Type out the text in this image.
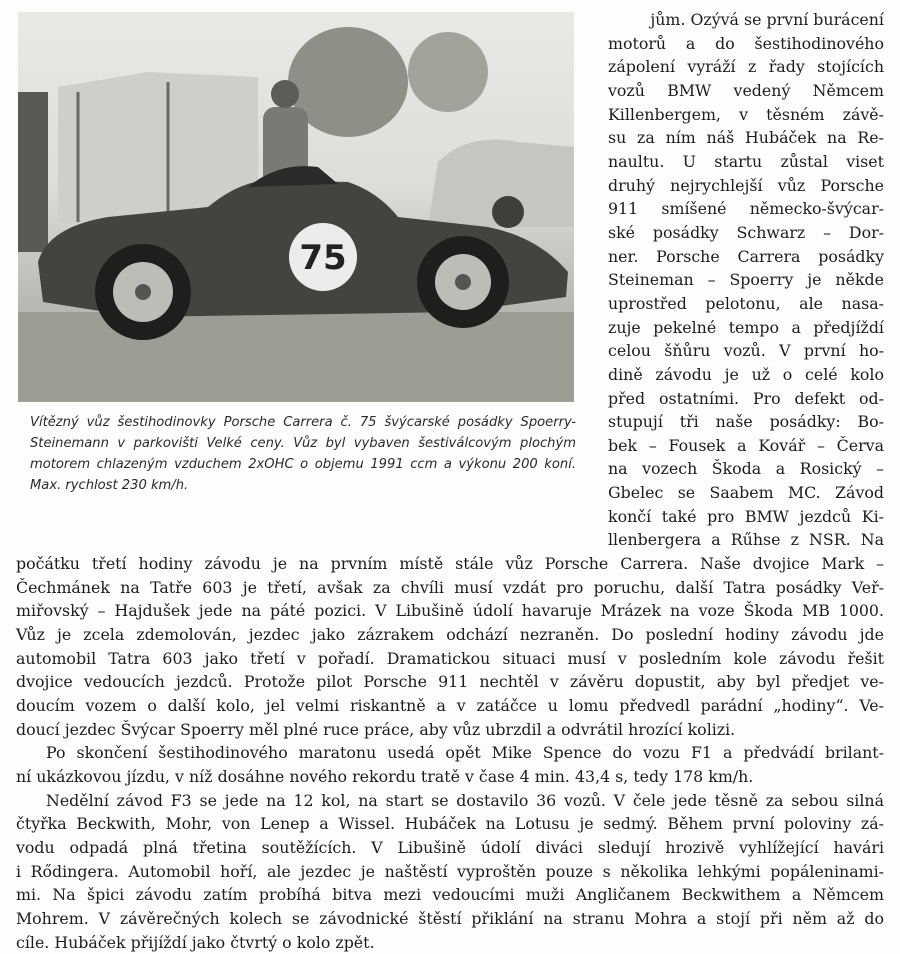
75
Vítězný vůz šestihodinovky Porsche Carrera č. 75 švýcarské posádky Spoerry-Steinemann v parkovišti Velké ceny. Vůz byl vybaven šestiválcovým plochým motorem chlazeným vzduchem 2xOHC o objemu 1991 ccm a výkonu 200 koní. Max. rychlost 230 km/h.
jům. Ozývá se první burácení
motorů a do šestihodinového
zápolení vyráží z řady stojících
vozů BMW vedený Němcem
Killenbergem, v těsném závě-
su za ním náš Hubáček na Re-
naultu. U startu zůstal viset
druhý nejrychlejší vůz Porsche
911 smíšené německo-švýcar-
ské posádky Schwarz – Dor-
ner. Porsche Carrera posádky
Steineman – Spoerry je někde
uprostřed pelotonu, ale nasa-
zuje pekelné tempo a předjíždí
celou šňůru vozů. V první ho-
dině závodu je už o celé kolo
před ostatními. Pro defekt od-
stupují tři naše posádky: Bo-
bek – Fousek a Kovář – Červa
na vozech Škoda a Rosický –
Gbelec se Saabem MC. Závod
končí také pro BMW jezdců Ki-
llenbergera a Rűhse z NSR. Na
počátku třetí hodiny závodu je na prvním místě stále vůz Porsche Carrera. Naše dvojice Mark –
Čechmánek na Tatře 603 je třetí, avšak za chvíli musí vzdát pro poruchu, další Tatra posádky Veř-
miřovský – Hajdušek jede na páté pozici. V Libušině údolí havaruje Mrázek na voze Škoda MB 1000.
Vůz je zcela zdemolován, jezdec jako zázrakem odchází nezraněn. Do poslední hodiny závodu jde
automobil Tatra 603 jako třetí v pořadí. Dramatickou situaci musí v posledním kole závodu řešit
dvojice vedoucích jezdců. Protože pilot Porsche 911 nechtěl v závěru dopustit, aby byl předjet ve-
doucím vozem o další kolo, jel velmi riskantně a v zatáčce u lomu předvedl parádní „hodiny“. Ve-
doucí jezdec Švýcar Spoerry měl plné ruce práce, aby vůz ubrzdil a odvrátil hrozící kolizi.
Po skončení šestihodinového maratonu usedá opět Mike Spence do vozu F1 a předvádí brilant-
ní ukázkovou jízdu, v níž dosáhne nového rekordu tratě v čase 4 min. 43,4 s, tedy 178 km/h.
Nedělní závod F3 se jede na 12 kol, na start se dostavilo 36 vozů. V čele jede těsně za sebou silná
čtyřka Beckwith, Mohr, von Lenep a Wissel. Hubáček na Lotusu je sedmý. Během první poloviny zá-
vodu odpadá plná třetina soutěžících. V Libušině údolí diváci sledují hrozivě vyhlížející havári
i Rődingera. Automobil hoří, ale jezdec je naštěstí vyproštěn pouze s několika lehkými popáleninami-
mi. Na špici závodu zatím probíhá bitva mezi vedoucími muži Angličanem Beckwithem a Němcem
Mohrem. V závěrečných kolech se závodnické štěstí přiklání na stranu Mohra a stojí při něm až do
cíle. Hubáček přijíždí jako čtvrtý o kolo zpět.
